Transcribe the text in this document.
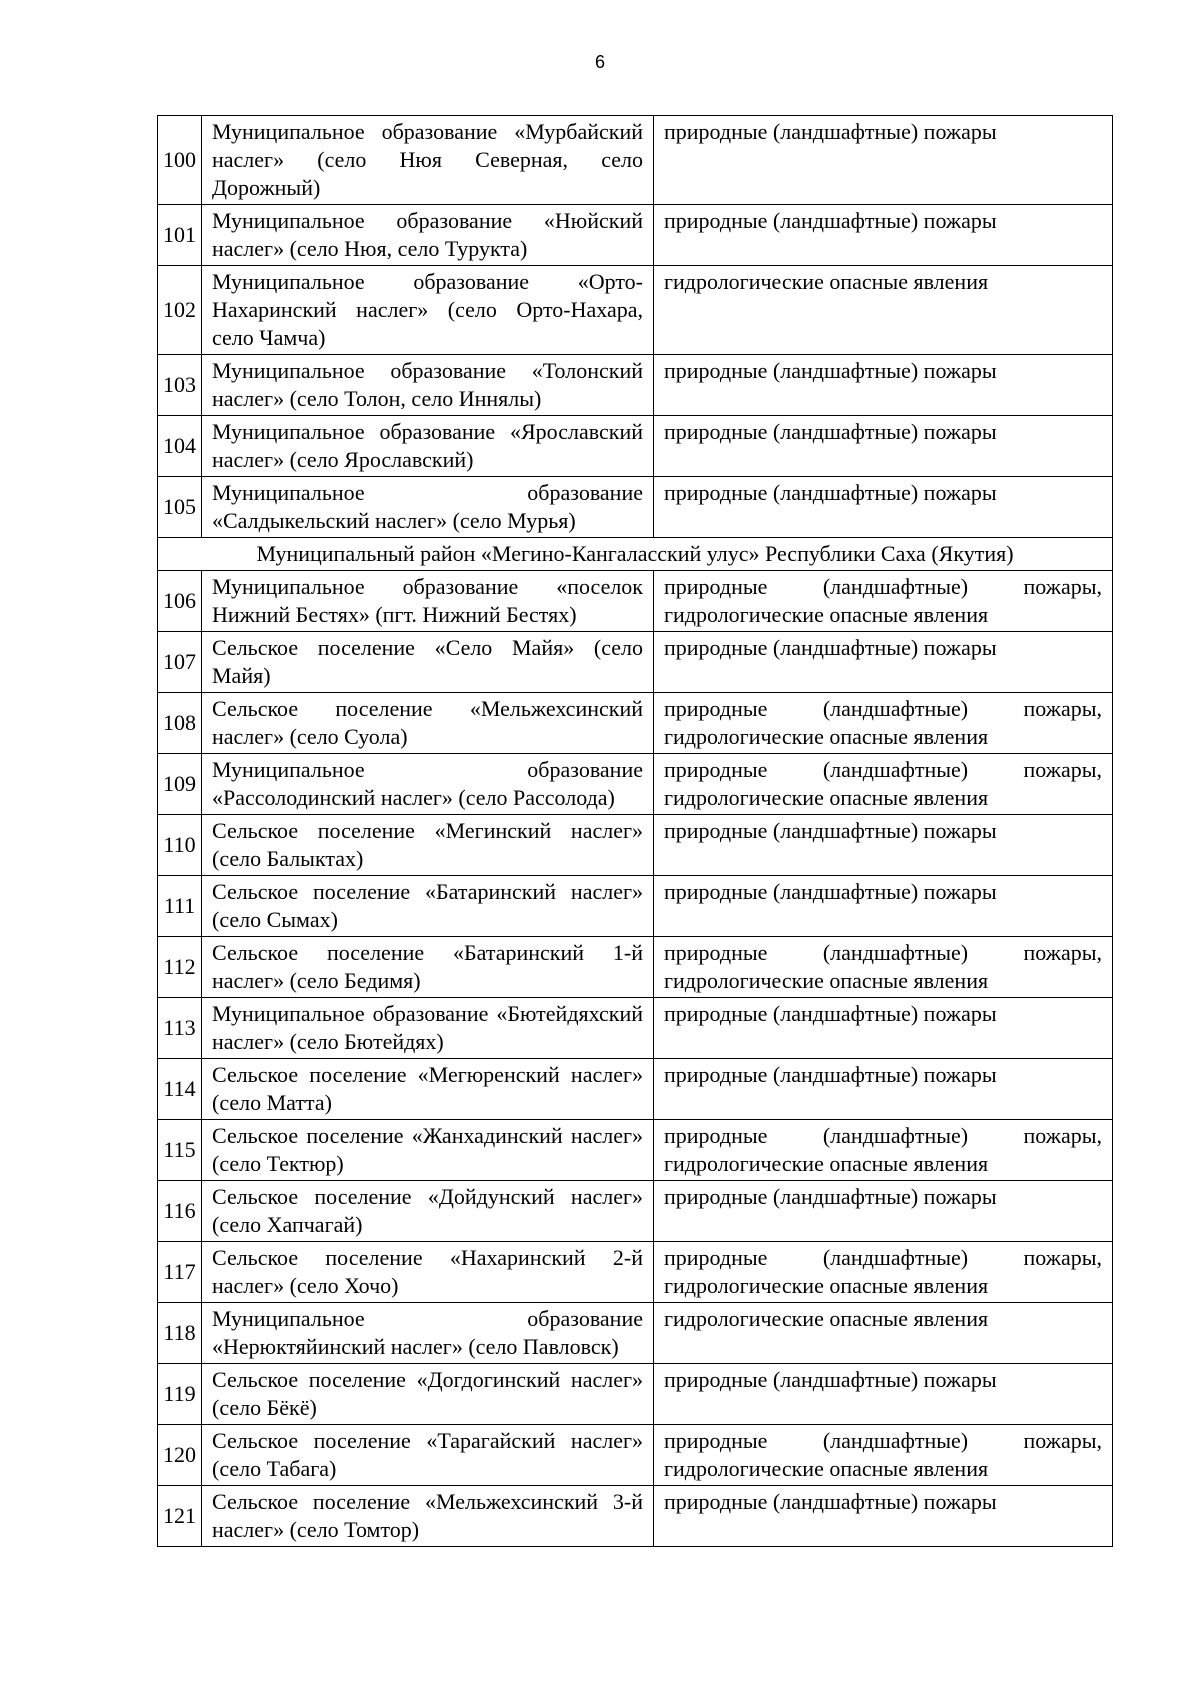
6
100	Муниципальное образование «Мурбайский наслег» (село Нюя Северная, село Дорожный)	природные (ландшафтные) пожары
101	Муниципальное образование «Нюйский наслег» (село Нюя, село Турукта)	природные (ландшафтные) пожары
102	Муниципальное образование «Орто-Нахаринский наслег» (село Орто-Нахара, село Чамча)	гидрологические опасные явления
103	Муниципальное образование «Толонский наслег» (село Толон, село Иннялы)	природные (ландшафтные) пожары
104	Муниципальное образование «Ярославский наслег» (село Ярославский)	природные (ландшафтные) пожары
105	Муниципальное образование «Салдыкельский наслег» (село Мурья)	природные (ландшафтные) пожары
Муниципальный район «Мегино-Кангаласский улус» Республики Саха (Якутия)		
106	Муниципальное образование «поселок Нижний Бестях» (пгт. Нижний Бестях)	природные (ландшафтные) пожары, гидрологические опасные явления
107	Сельское поселение «Село Майя» (село Майя)	природные (ландшафтные) пожары
108	Сельское поселение «Мельжехсинский наслег» (село Суола)	природные (ландшафтные) пожары, гидрологические опасные явления
109	Муниципальное образование «Рассолодинский наслег» (село Рассолода)	природные (ландшафтные) пожары, гидрологические опасные явления
110	Сельское поселение «Мегинский наслег» (село Балыктах)	природные (ландшафтные) пожары
111	Сельское поселение «Батаринский наслег» (село Сымах)	природные (ландшафтные) пожары
112	Сельское поселение «Батаринский 1-й наслег» (село Бедимя)	природные (ландшафтные) пожары, гидрологические опасные явления
113	Муниципальное образование «Бютейдяхский наслег» (село Бютейдях)	природные (ландшафтные) пожары
114	Сельское поселение «Мегюренский наслег» (село Матта)	природные (ландшафтные) пожары
115	Сельское поселение «Жанхадинский наслег» (село Тектюр)	природные (ландшафтные) пожары, гидрологические опасные явления
116	Сельское поселение «Дойдунский наслег» (село Хапчагай)	природные (ландшафтные) пожары
117	Сельское поселение «Нахаринский 2-й наслег» (село Хочо)	природные (ландшафтные) пожары, гидрологические опасные явления
118	Муниципальное образование «Нерюктяйинский наслег» (село Павловск)	гидрологические опасные явления
119	Сельское поселение «Догдогинский наслег» (село Бёкё)	природные (ландшафтные) пожары
120	Сельское поселение «Тарагайский наслег» (село Табага)	природные (ландшафтные) пожары, гидрологические опасные явления
121	Сельское поселение «Мельжехсинский 3-й наслег» (село Томтор)	природные (ландшафтные) пожары
